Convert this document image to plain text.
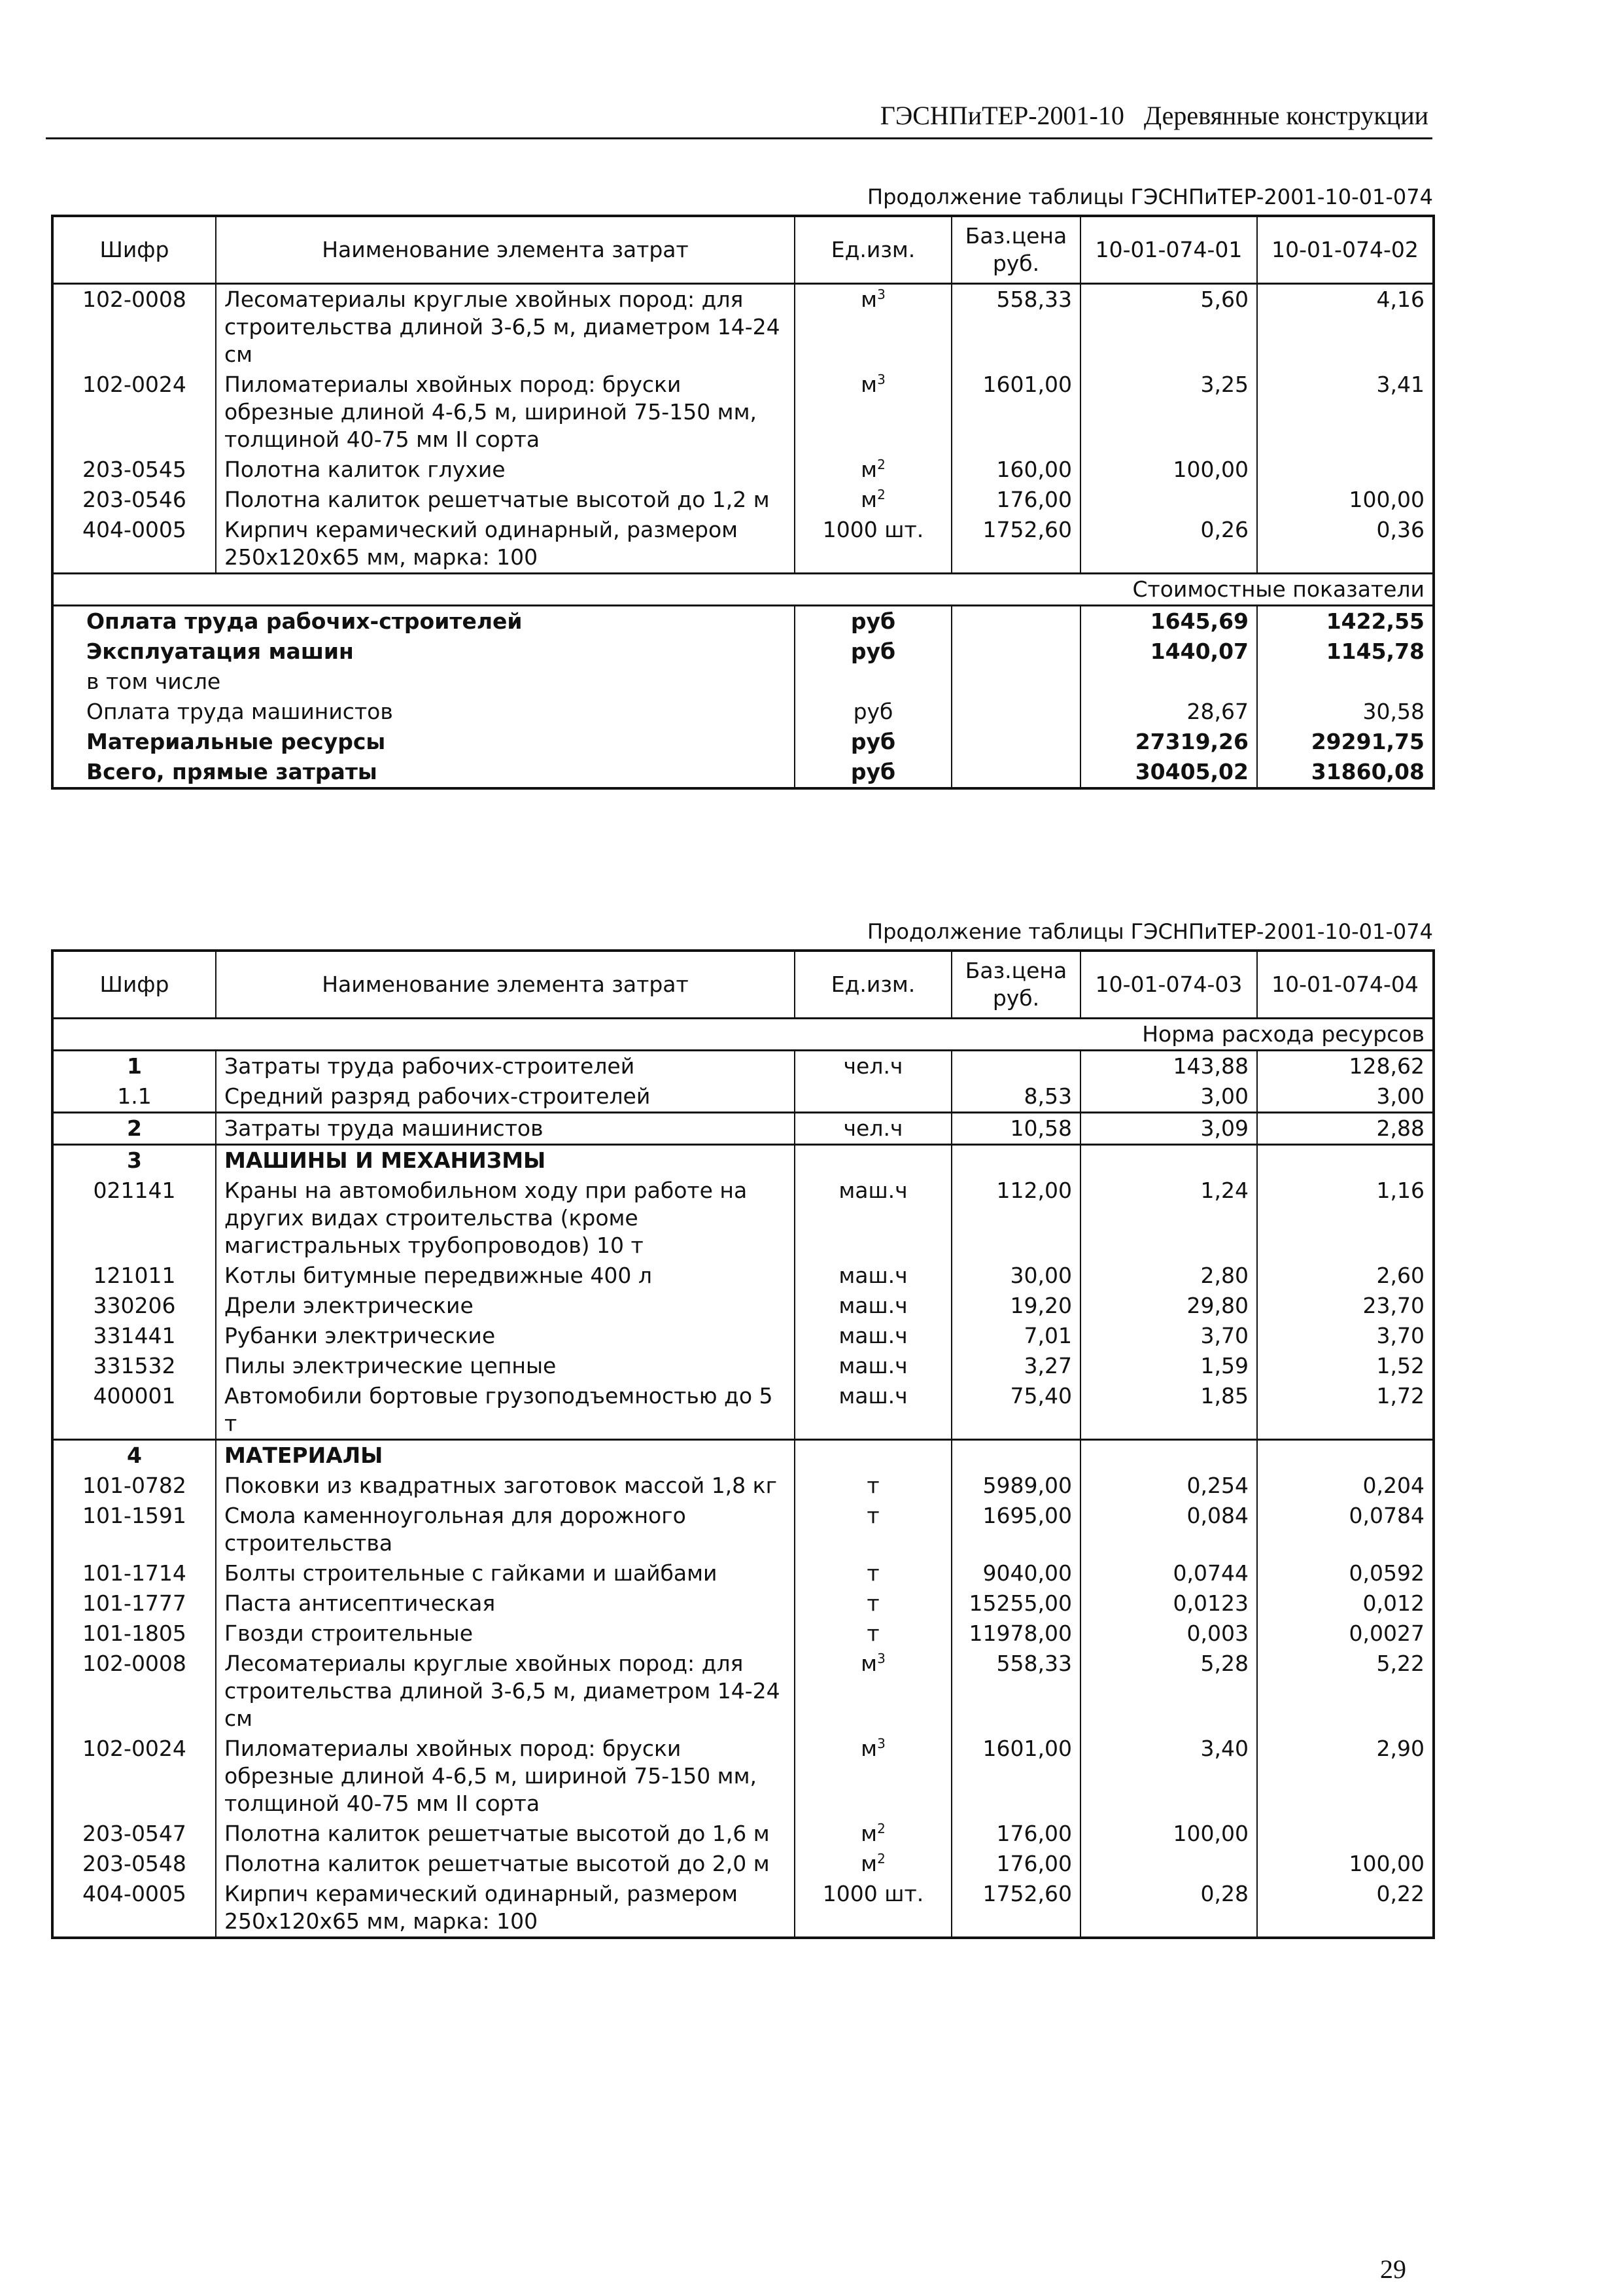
ГЭСНПиТЕР-2001-10   Деревянные конструкции
Продолжение таблицы ГЭСНПиТЕР-2001-10-01-074
Шифр	Наименование элемента затрат	Ед.изм.	Баз.цена руб.	10-01-074-01	10-01-074-02
102-0008	Лесоматериалы круглые хвойных пород: для строительства длиной 3-6,5 м, диаметром 14-24 см	$м^3$	558,33	5,60	4,16
102-0024	Пиломатериалы хвойных пород: бруски обрезные длиной 4-6,5 м, шириной 75-150 мм, толщиной 40-75 мм II сорта	$м^3$	1601,00	3,25	3,41
203-0545	Полотна калиток глухие	$м^2$	160,00	100,00	
203-0546	Полотна калиток решетчатые высотой до 1,2 м	$м^2$	176,00		100,00
404-0005	Кирпич керамический одинарный, размером 250х120х65 мм, марка: 100	1000 шт.	1752,60	0,26	0,36
Стоимостные показатели					
Оплата труда рабочих-строителей		руб		1645,69	1422,55
Эксплуатация машин		руб		1440,07	1145,78
в том числе					
Оплата труда машинистов		руб		28,67	30,58
Материальные ресурсы		руб		27319,26	29291,75
Всего, прямые затраты		руб		30405,02	31860,08
Продолжение таблицы ГЭСНПиТЕР-2001-10-01-074
Шифр	Наименование элемента затрат	Ед.изм.	Баз.цена руб.	10-01-074-03	10-01-074-04
Норма расхода ресурсов					
1	Затраты труда рабочих-строителей	чел.ч		143,88	128,62
1.1	Средний разряд рабочих-строителей		8,53	3,00	3,00
2	Затраты труда машинистов	чел.ч	10,58	3,09	2,88
3	МАШИНЫ И МЕХАНИЗМЫ				
021141	Краны на автомобильном ходу при работе на других видах строительства (кроме магистральных трубопроводов) 10 т	маш.ч	112,00	1,24	1,16
121011	Котлы битумные передвижные 400 л	маш.ч	30,00	2,80	2,60
330206	Дрели электрические	маш.ч	19,20	29,80	23,70
331441	Рубанки электрические	маш.ч	7,01	3,70	3,70
331532	Пилы электрические цепные	маш.ч	3,27	1,59	1,52
400001	Автомобили бортовые грузоподъемностью до 5 т	маш.ч	75,40	1,85	1,72
4	МАТЕРИАЛЫ				
101-0782	Поковки из квадратных заготовок массой 1,8 кг	т	5989,00	0,254	0,204
101-1591	Смола каменноугольная для дорожного строительства	т	1695,00	0,084	0,0784
101-1714	Болты строительные с гайками и шайбами	т	9040,00	0,0744	0,0592
101-1777	Паста антисептическая	т	15255,00	0,0123	0,012
101-1805	Гвозди строительные	т	11978,00	0,003	0,0027
102-0008	Лесоматериалы круглые хвойных пород: для строительства длиной 3-6,5 м, диаметром 14-24 см	$м^3$	558,33	5,28	5,22
102-0024	Пиломатериалы хвойных пород: бруски обрезные длиной 4-6,5 м, шириной 75-150 мм, толщиной 40-75 мм II сорта	$м^3$	1601,00	3,40	2,90
203-0547	Полотна калиток решетчатые высотой до 1,6 м	$м^2$	176,00	100,00	
203-0548	Полотна калиток решетчатые высотой до 2,0 м	$м^2$	176,00		100,00
404-0005	Кирпич керамический одинарный, размером 250х120х65 мм, марка: 100	1000 шт.	1752,60	0,28	0,22
29
